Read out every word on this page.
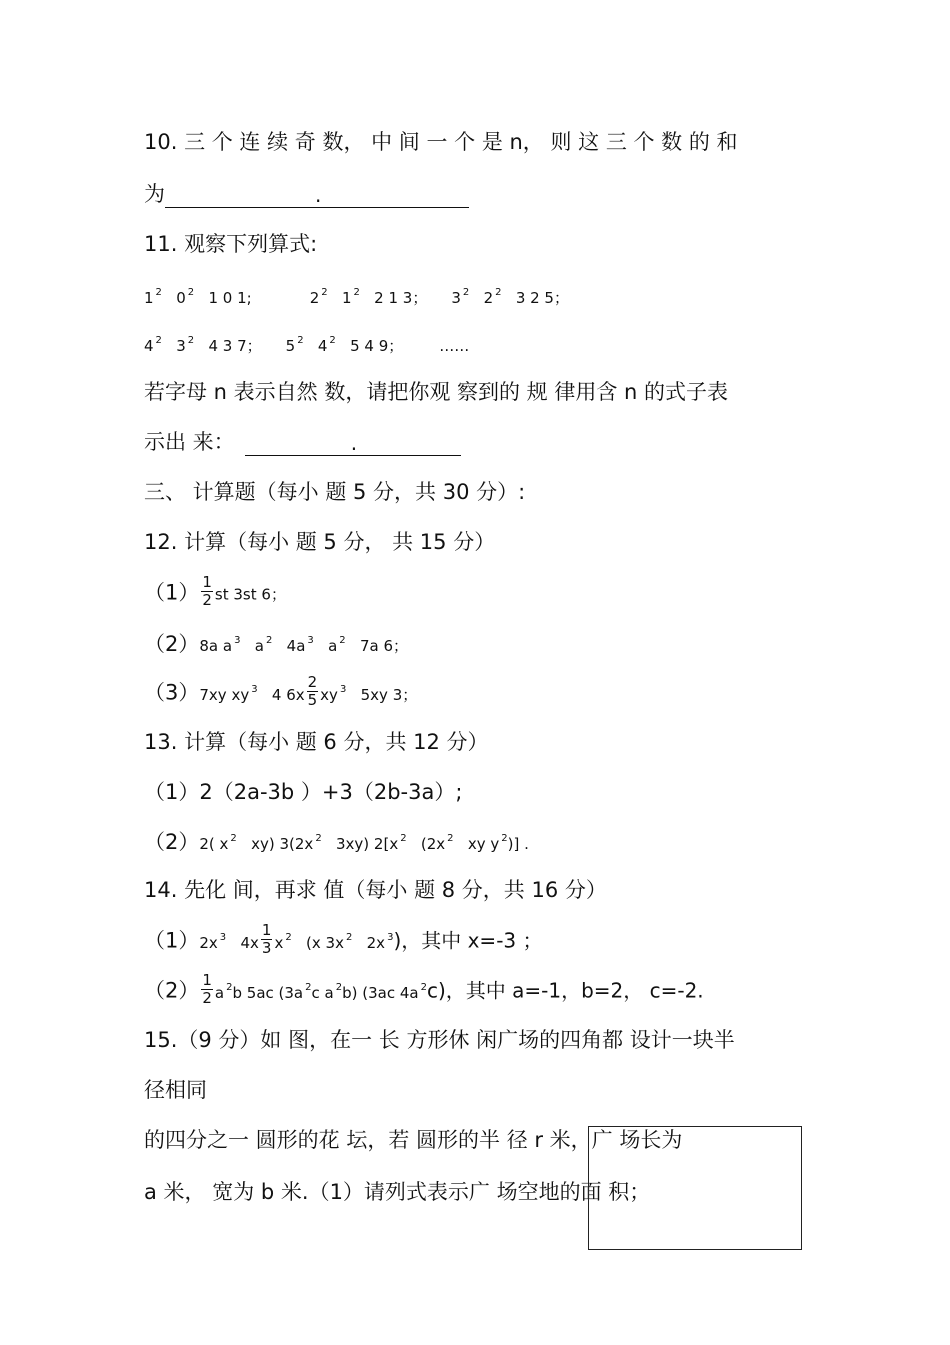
10. 三 个 连 续 奇 数， 中 间 一 个 是 n， 则 这 三 个 数 的 和
为	.
11. 观察下列算式:
1 $^2$ 0 $^2$ 1 0 1;	2 $^2$ 1 $^2$ 2 1 3； 3 $^2$ 2 $^2$ 3 2 5；
4 $^2$ 3 $^2$ 4 3 7； 5 $^2$ 4 $^2$ 5 4 9； ……
若字母 n 表示自然 数，请把你观 察到的 规 律用含 n 的式子表
示出 来：	.
三、 计算题（每小 题 5 分，共 30 分）:
12. 计算（每小 题 5 分， 共 15 分）
$(1) \frac{1}{2}$ st 3st 6；
（2）8a a $^3$ a $^2$ 4a $^3$ a $^2$ 7a 6；
（3）7xy xy $^3$ 4 $6x \frac{2}{5}$ xy $^3$ 5xy 3；
13. 计算（每小 题 6 分，共 12 分）
（1）2（2a-3b ）+3（2b-3a）;
（2）2( x $^2$ xy) 3(2x $^2$ 3xy) 2[x $^2$ (2x $^2$ xy y $^2$)] .
14. 先化 间，再求 值（每小 题 8 分，共 16 分）
（1）2x $^3$ $4x \frac{1}{3}$ x $^2$ (x 3x $^2$ 2x $^3$)，其中 x=-3 ；
$(2) \frac{1}{2}$ a $^2$b 5ac (3a $^2$c a $^2$b) (3ac 4a $^2$c)，其中 a=-1，b=2， c=-2.
15.（9 分）如 图，在一 长 方形休 闲广场的四角都 设计一块半
径相同
的四分之一 圆形的花 坛，若 圆形的半 径 r 米，广 场长为
a 米， 宽为 b 米.（1）请列式表示广 场空地的面 积；
